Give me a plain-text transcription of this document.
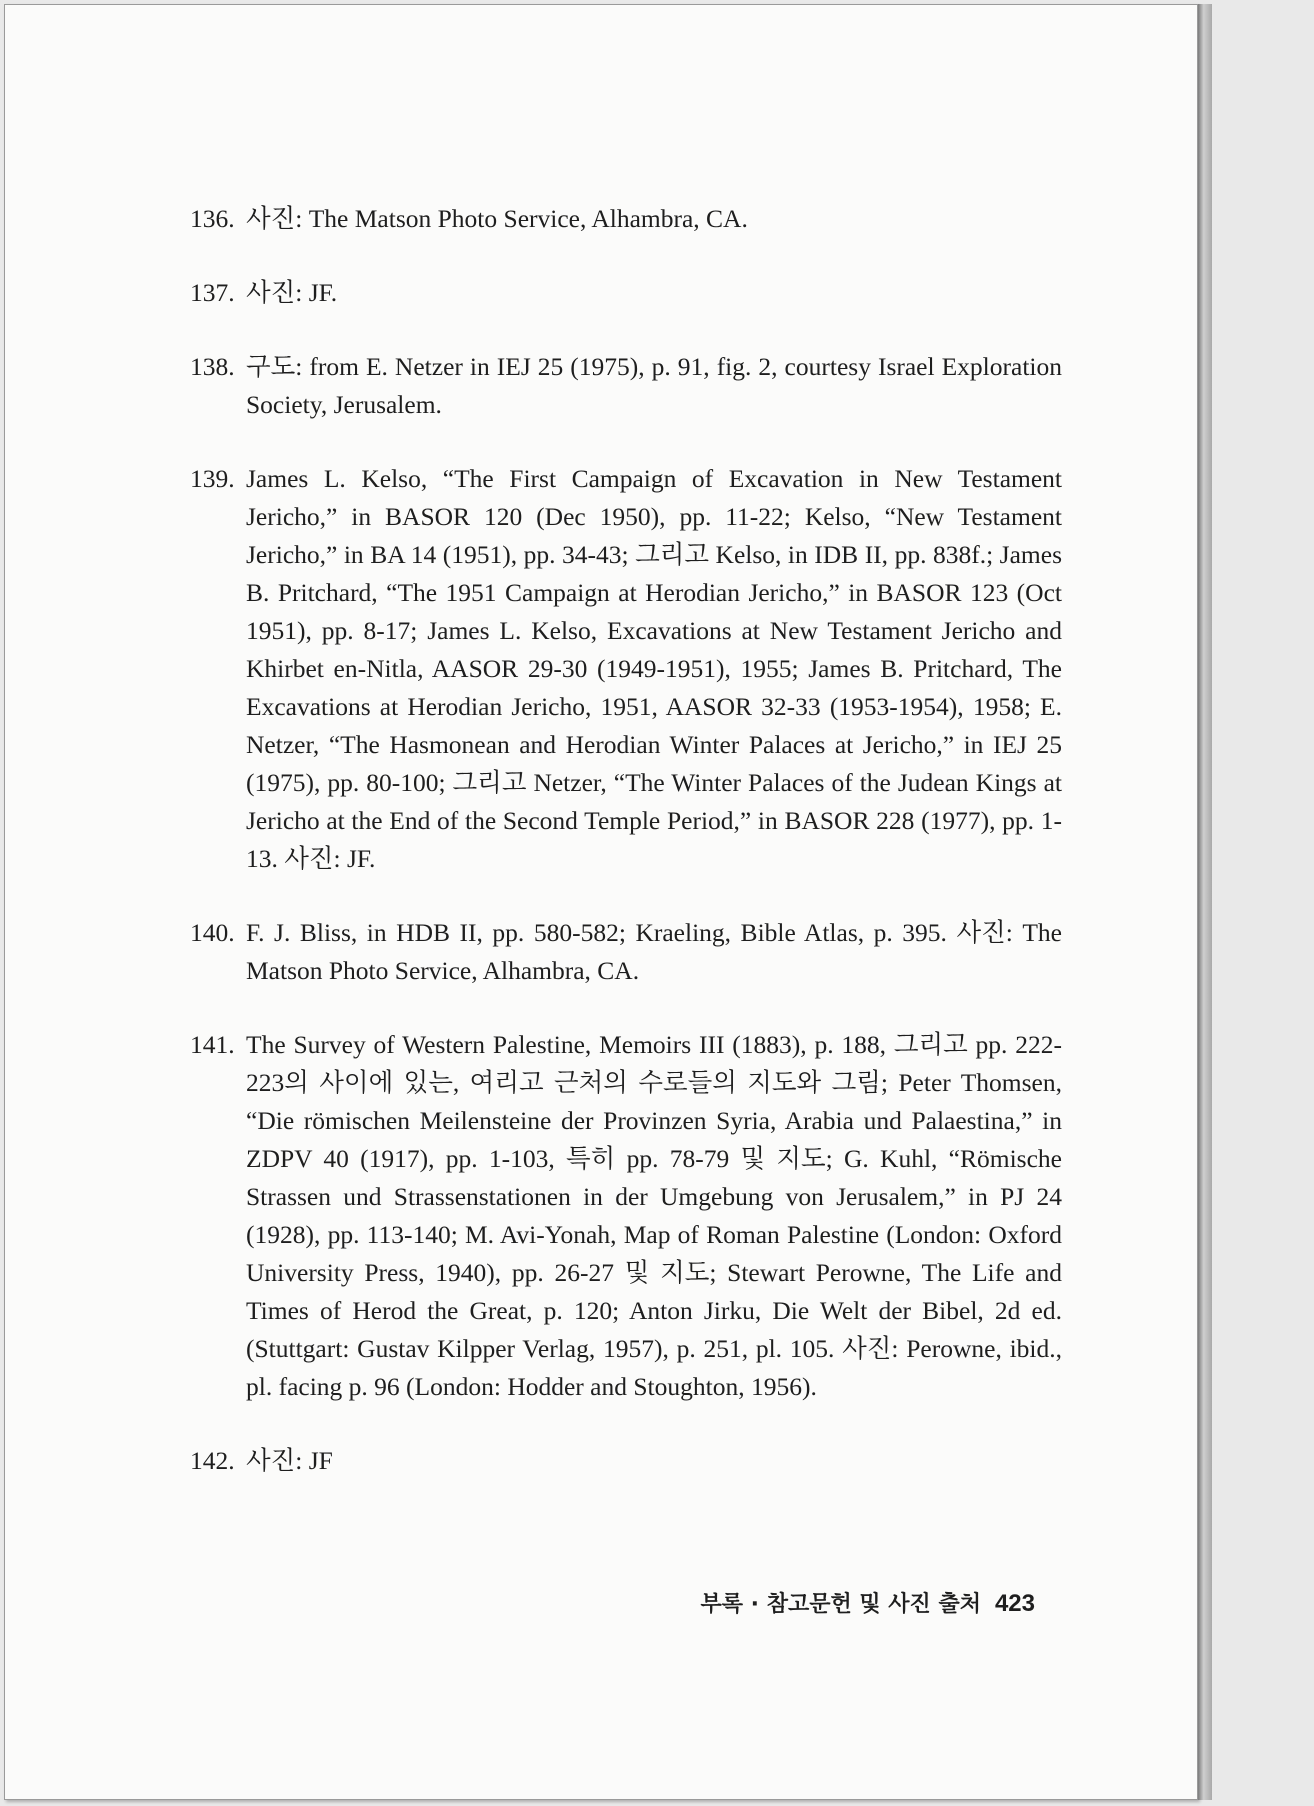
136. 사진: The Matson Photo Service, Alhambra, CA.

137. 사진: JF.

138. 구도: from E. Netzer in IEJ 25 (1975), p. 91, fig. 2, courtesy Israel Exploration Society, Jerusalem.

139. James L. Kelso, “The First Campaign of Excavation in New Testament Jericho,” in BASOR 120 (Dec 1950), pp. 11-22; Kelso, “New Testament Jericho,” in BA 14 (1951), pp. 34-43; 그리고 Kelso, in IDB II, pp. 838f.; James B. Pritchard, “The 1951 Campaign at Herodian Jericho,” in BASOR 123 (Oct 1951), pp. 8-17; James L. Kelso, Excavations at New Testament Jericho and Khirbet en-Nitla, AASOR 29-30 (1949-1951), 1955; James B. Pritchard, The Excavations at Herodian Jericho, 1951, AASOR 32-33 (1953-1954), 1958; E. Netzer, “The Hasmonean and Herodian Winter Palaces at Jericho,” in IEJ 25 (1975), pp. 80-100; 그리고 Netzer, “The Winter Palaces of the Judean Kings at Jericho at the End of the Second Temple Period,” in BASOR 228 (1977), pp. 1-13. 사진: JF.

140. F. J. Bliss, in HDB II, pp. 580-582; Kraeling, Bible Atlas, p. 395. 사진: The Matson Photo Service, Alhambra, CA.

141. The Survey of Western Palestine, Memoirs III (1883), p. 188, 그리고 pp. 222-223의 사이에 있는, 여리고 근처의 수로들의 지도와 그림; Peter Thomsen, “Die römischen Meilensteine der Provinzen Syria, Arabia und Palaestina,” in ZDPV 40 (1917), pp. 1-103, 특히 pp. 78-79 및 지도; G. Kuhl, “Römische Strassen und Strassenstationen in der Umgebung von Jerusalem,” in PJ 24 (1928), pp. 113-140; M. Avi-Yonah, Map of Roman Palestine (London: Oxford University Press, 1940), pp. 26-27 및 지도; Stewart Perowne, The Life and Times of Herod the Great, p. 120; Anton Jirku, Die Welt der Bibel, 2d ed. (Stuttgart: Gustav Kilpper Verlag, 1957), p. 251, pl. 105. 사진: Perowne, ibid., pl. facing p. 96 (London: Hodder and Stoughton, 1956).

142. 사진: JF

부록 · 참고문헌 및 사진 출처 423
